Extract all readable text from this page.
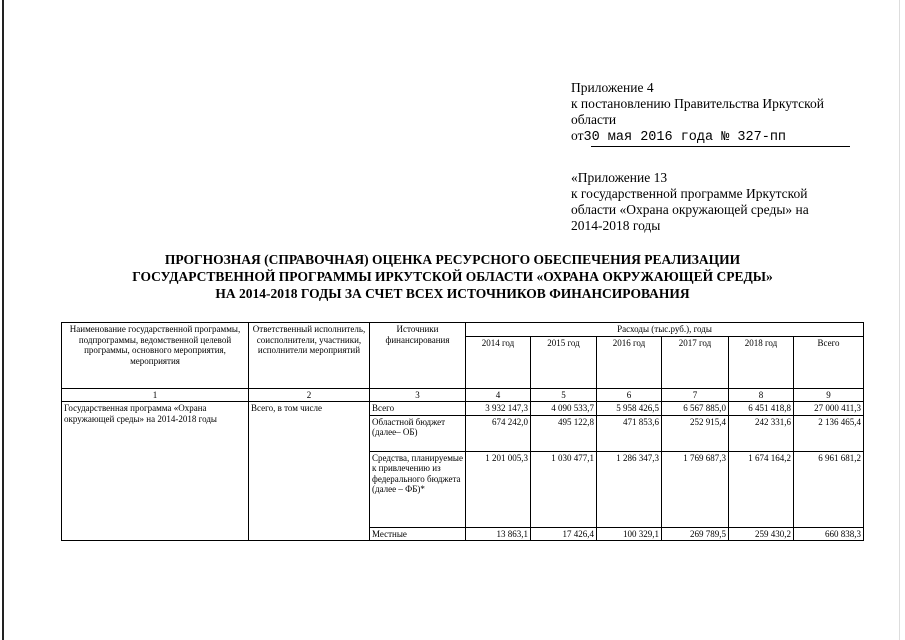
Приложение 4
к постановлению Правительства Иркутской
области
от30 мая 2016 года № 327-пп
«Приложение 13
к государственной программе Иркутской
области «Охрана окружающей среды» на
2014-2018 годы
ПРОГНОЗНАЯ (СПРАВОЧНАЯ) ОЦЕНКА РЕСУРСНОГО ОБЕСПЕЧЕНИЯ РЕАЛИЗАЦИИ
ГОСУДАРСТВЕННОЙ ПРОГРАММЫ ИРКУТСКОЙ ОБЛАСТИ «ОХРАНА ОКРУЖАЮЩЕЙ СРЕДЫ»
НА 2014-2018 ГОДЫ ЗА СЧЕТ ВСЕХ ИСТОЧНИКОВ ФИНАНСИРОВАНИЯ
Наименование государственной программы, подпрограммы, ведомственной целевой программы, основного мероприятия, мероприятия	Ответственный исполнитель, соисполнители, участники, исполнители мероприятий	Источники финансирования	Расходы (тыс.руб.), годы					
			2014 год	2015 год	2016 год	2017 год	2018 год	Всего
1	2	3	4	5	6	7	8	9
Государственная программа «Охрана окружающей среды» на 2014-2018 годы	Всего, в том числе	Всего	3 932 147,3	4 090 533,7	5 958 426,5	6 567 885,0	6 451 418,8	27 000 411,3
		Областной бюджет (далее– ОБ)	674 242,0	495 122,8	471 853,6	252 915,4	242 331,6	2 136 465,4
		Средства, планируемые к привлечению из федерального бюджета (далее – ФБ)*	1 201 005,3	1 030 477,1	1 286 347,3	1 769 687,3	1 674 164,2	6 961 681,2
		Местные	13 863,1	17 426,4	100 329,1	269 789,5	259 430,2	660 838,3
